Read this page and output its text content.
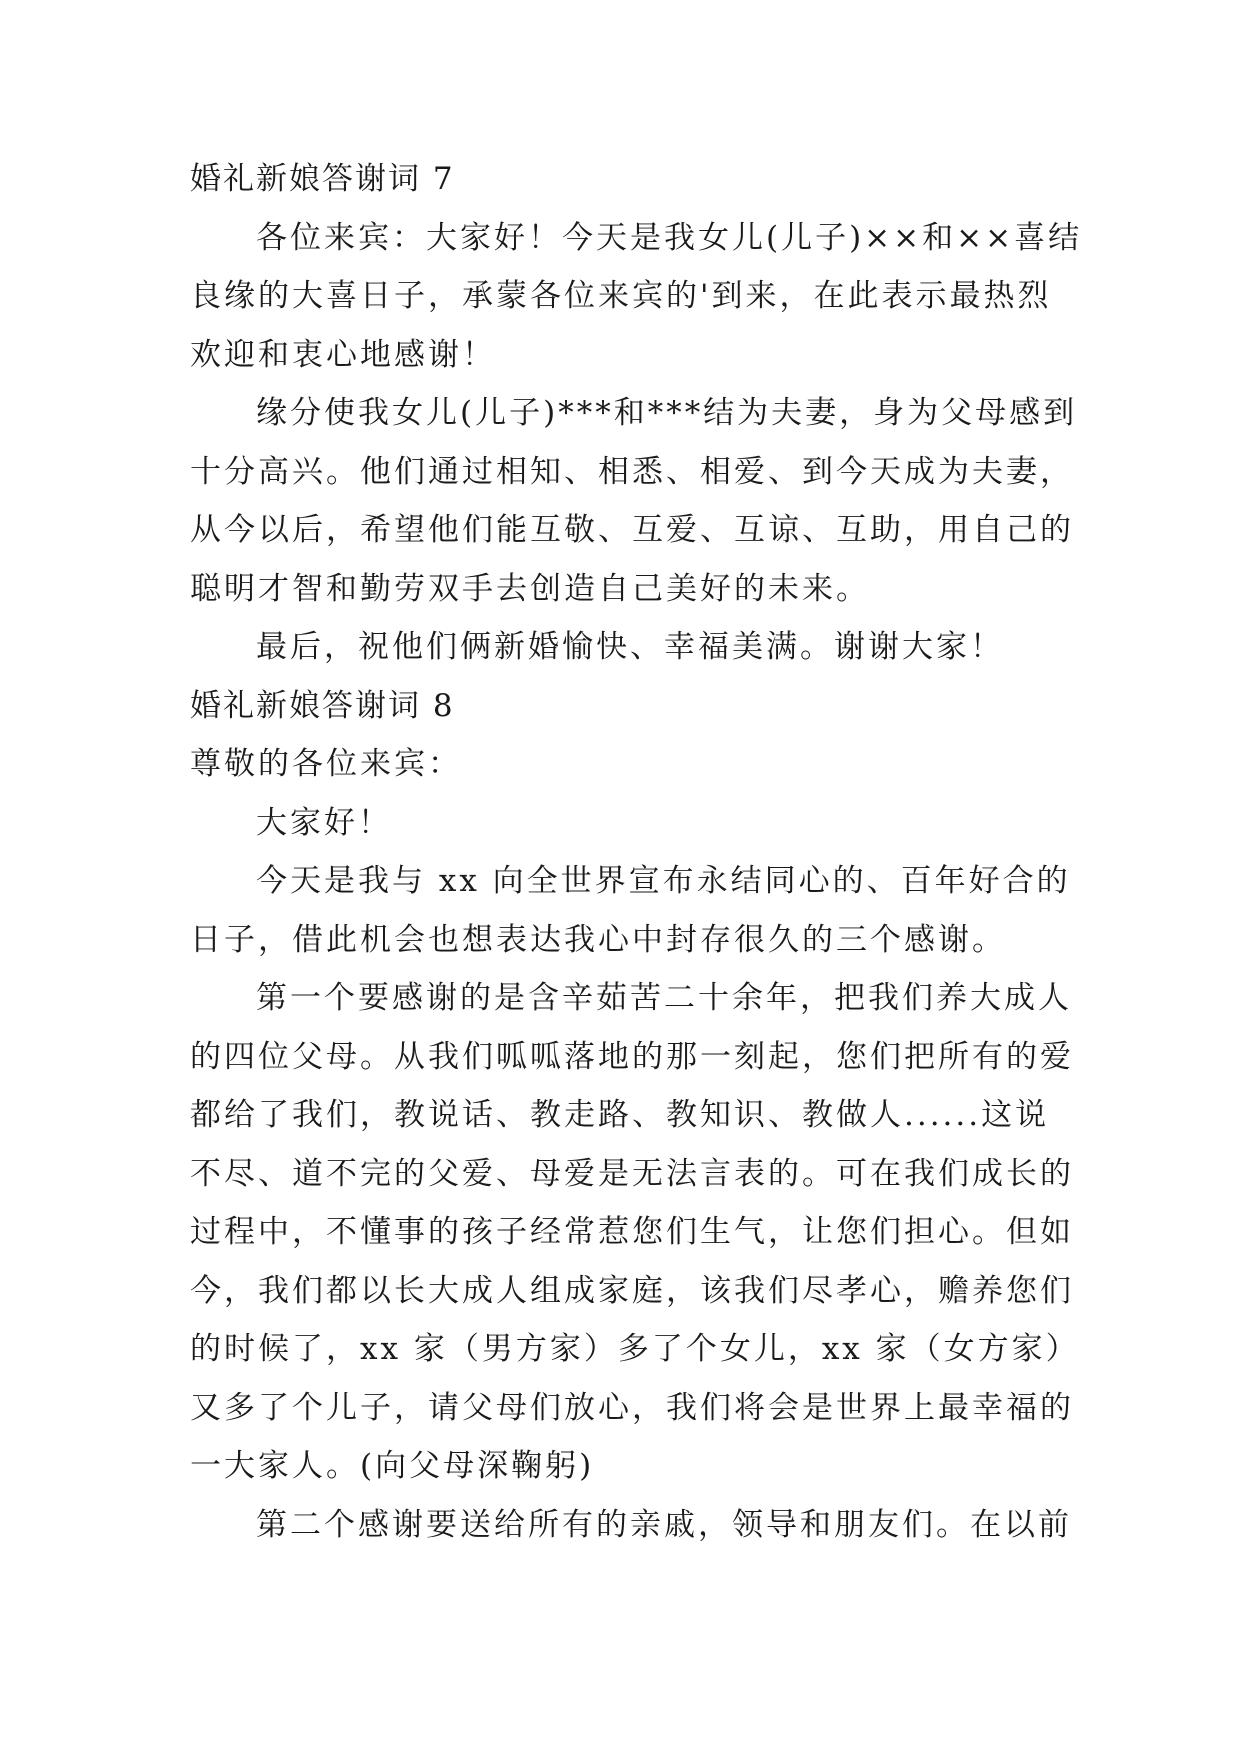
婚礼新娘答谢词 7
各位来宾：大家好！今天是我女儿(儿子)××和××喜结
良缘的大喜日子，承蒙各位来宾的'到来，在此表示最热烈
欢迎和衷心地感谢！
缘分使我女儿(儿子)***和***结为夫妻，身为父母感到
十分高兴。他们通过相知、相悉、相爱、到今天成为夫妻，
从今以后，希望他们能互敬、互爱、互谅、互助，用自己的
聪明才智和勤劳双手去创造自己美好的未来。
最后，祝他们俩新婚愉快、幸福美满。谢谢大家！
婚礼新娘答谢词 8
尊敬的各位来宾：
大家好！
今天是我与 xx 向全世界宣布永结同心的、百年好合的
日子，借此机会也想表达我心中封存很久的三个感谢。
第一个要感谢的是含辛茹苦二十余年，把我们养大成人
的四位父母。从我们呱呱落地的那一刻起，您们把所有的爱
都给了我们，教说话、教走路、教知识、教做人......这说
不尽、道不完的父爱、母爱是无法言表的。可在我们成长的
过程中，不懂事的孩子经常惹您们生气，让您们担心。但如
今，我们都以长大成人组成家庭，该我们尽孝心，赡养您们
的时候了，xx 家（男方家）多了个女儿，xx 家（女方家）
又多了个儿子，请父母们放心，我们将会是世界上最幸福的
一大家人。(向父母深鞠躬)
第二个感谢要送给所有的亲戚，领导和朋友们。在以前
